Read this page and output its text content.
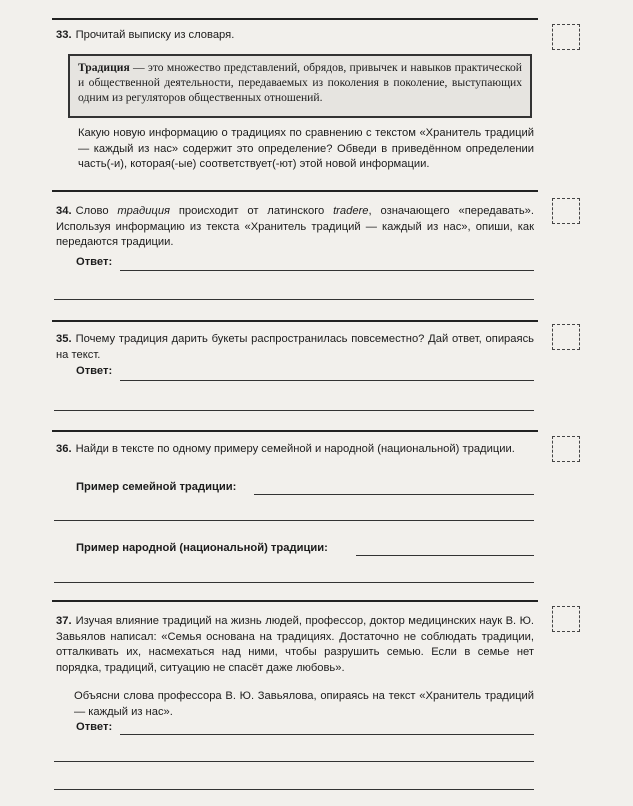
33. Прочитай выписку из словаря.
Традиция — это множество представлений, обрядов, привычек и навыков практической и общественной деятельности, передаваемых из поколения в поколение, выступающих одним из регуляторов общественных отношений.
Какую новую информацию о традициях по сравнению с текстом «Хранитель традиций — каждый из нас» содержит это определение? Обведи в приведённом определении часть(-и), которая(-ые) соответствует(-ют) этой новой информации.
34. Слово традиция происходит от латинского tradere, означающего «передавать». Используя информацию из текста «Хранитель традиций — каждый из нас», опиши, как передаются традиции.
Ответ:
35. Почему традиция дарить букеты распространилась повсеместно? Дай ответ, опираясь на текст.
Ответ:
36. Найди в тексте по одному примеру семейной и народной (национальной) традиции.
Пример семейной традиции:
Пример народной (национальной) традиции:
37. Изучая влияние традиций на жизнь людей, профессор, доктор медицинских наук В. Ю. Завьялов написал: «Семья основана на традициях. Достаточно не соблюдать традиции, отталкивать их, насмехаться над ними, чтобы разрушить семью. Если в семье нет порядка, традиций, ситуацию не спасёт даже любовь».
Объясни слова профессора В. Ю. Завьялова, опираясь на текст «Хранитель традиций — каждый из нас».
Ответ:
